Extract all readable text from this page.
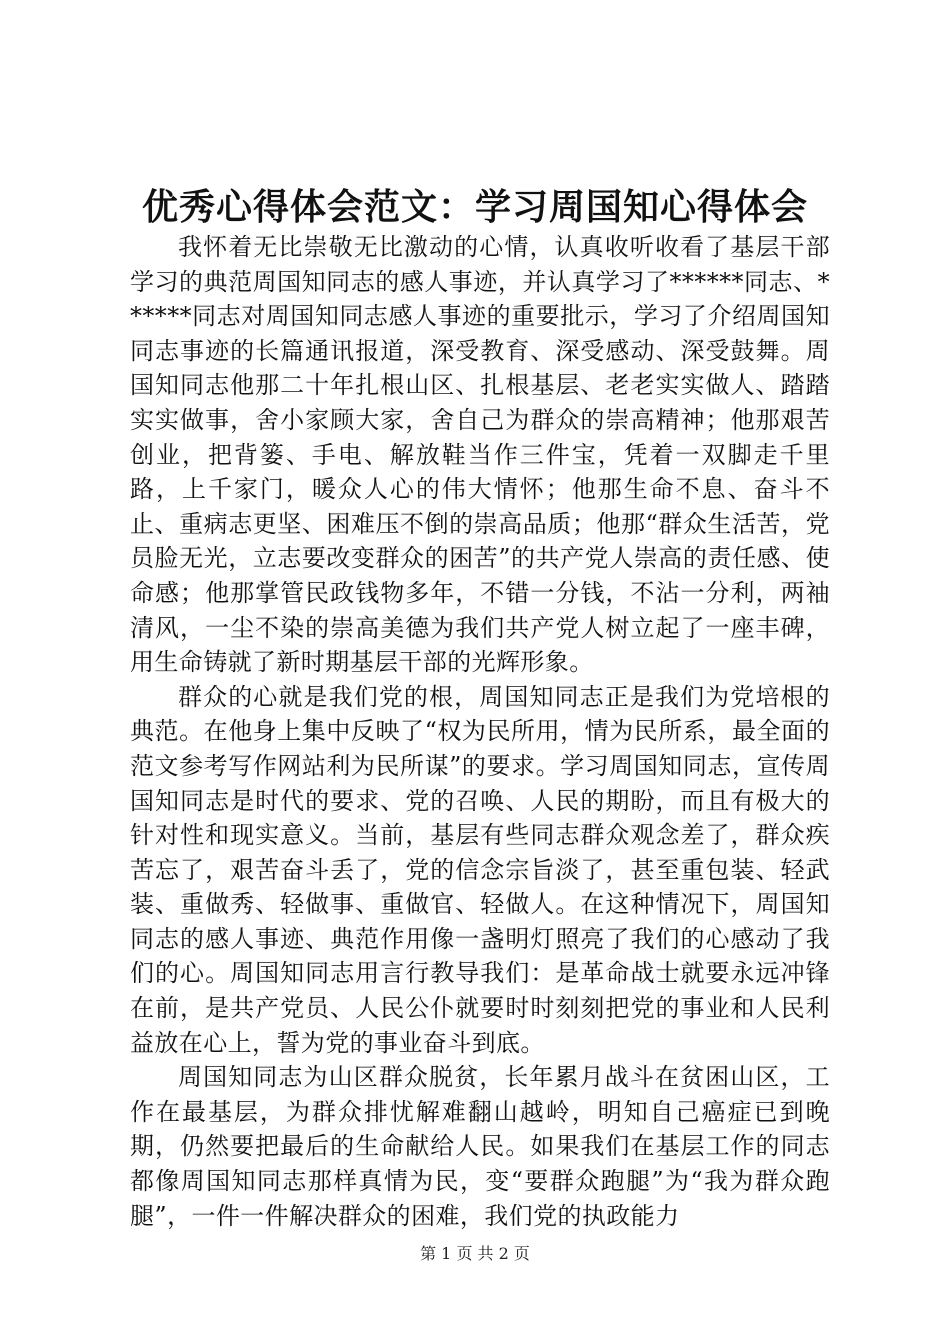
优秀心得体会范文：学习周国知心得体会

我怀着无比崇敬无比激动的心情，认真收听收看了基层干部学习的典范周国知同志的感人事迹，并认真学习了******同志、******同志对周国知同志感人事迹的重要批示，学习了介绍周国知同志事迹的长篇通讯报道，深受教育、深受感动、深受鼓舞。周国知同志他那二十年扎根山区、扎根基层、老老实实做人、踏踏实实做事，舍小家顾大家，舍自己为群众的崇高精神；他那艰苦创业，把背篓、手电、解放鞋当作三件宝，凭着一双脚走千里路，上千家门，暖众人心的伟大情怀；他那生命不息、奋斗不止、重病志更坚、困难压不倒的崇高品质；他那“群众生活苦，党员脸无光，立志要改变群众的困苦”的共产党人崇高的责任感、使命感；他那掌管民政钱物多年，不错一分钱，不沾一分利，两袖清风，一尘不染的崇高美德为我们共产党人树立起了一座丰碑，用生命铸就了新时期基层干部的光辉形象。

群众的心就是我们党的根，周国知同志正是我们为党培根的典范。在他身上集中反映了“权为民所用，情为民所系，最全面的范文参考写作网站利为民所谋”的要求。学习周国知同志，宣传周国知同志是时代的要求、党的召唤、人民的期盼，而且有极大的针对性和现实意义。当前，基层有些同志群众观念差了，群众疾苦忘了，艰苦奋斗丢了，党的信念宗旨淡了，甚至重包装、轻武装、重做秀、轻做事、重做官、轻做人。在这种情况下，周国知同志的感人事迹、典范作用像一盏明灯照亮了我们的心感动了我们的心。周国知同志用言行教导我们：是革命战士就要永远冲锋在前，是共产党员、人民公仆就要时时刻刻把党的事业和人民利益放在心上，誓为党的事业奋斗到底。

周国知同志为山区群众脱贫，长年累月战斗在贫困山区，工作在最基层，为群众排忧解难翻山越岭，明知自己癌症已到晚期，仍然要把最后的生命献给人民。如果我们在基层工作的同志都像周国知同志那样真情为民，变“要群众跑腿”为“我为群众跑腿”，一件一件解决群众的困难，我们党的执政能力

第 1 页 共 2 页
